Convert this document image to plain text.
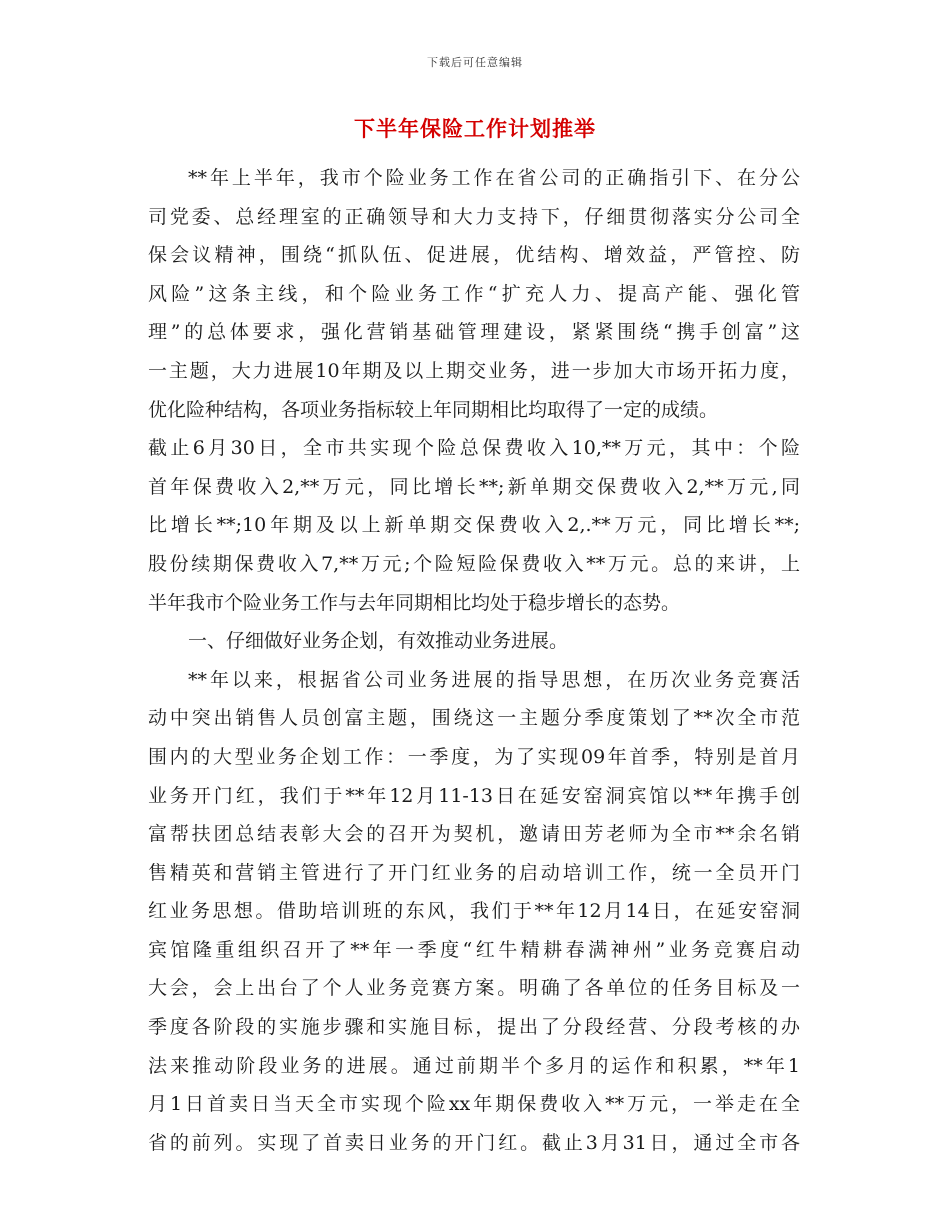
下载后可任意编辑
下半年保险工作计划推举
**年上半年，我市个险业务工作在省公司的正确指引下、在分公
司党委、总经理室的正确领导和大力支持下，仔细贯彻落实分公司全
保会议精神，围绕“抓队伍、促进展，优结构、增效益，严管控、防
风险”这条主线，和个险业务工作“扩充人力、提高产能、强化管
理”的总体要求，强化营销基础管理建设，紧紧围绕“携手创富”这
一主题，大力进展10年期及以上期交业务，进一步加大市场开拓力度，
优化险种结构，各项业务指标较上年同期相比均取得了一定的成绩。
截止6月30日，全市共实现个险总保费收入10,**万元，其中：个险
首年保费收入2,**万元，同比增长**;新单期交保费收入2,**万元,同
比增长**;10年期及以上新单期交保费收入2,.**万元，同比增长**;
股份续期保费收入7,**万元;个险短险保费收入**万元。总的来讲，上
半年我市个险业务工作与去年同期相比均处于稳步增长的态势。
一、仔细做好业务企划，有效推动业务进展。
**年以来，根据省公司业务进展的指导思想，在历次业务竞赛活
动中突出销售人员创富主题，围绕这一主题分季度策划了**次全市范
围内的大型业务企划工作：一季度，为了实现09年首季，特别是首月
业务开门红，我们于**年12月11-13日在延安窑洞宾馆以**年携手创
富帮扶团总结表彰大会的召开为契机，邀请田芳老师为全市**余名销
售精英和营销主管进行了开门红业务的启动培训工作，统一全员开门
红业务思想。借助培训班的东风，我们于**年12月14日，在延安窑洞
宾馆隆重组织召开了**年一季度“红牛精耕春满神州”业务竞赛启动
大会，会上出台了个人业务竞赛方案。明确了各单位的任务目标及一
季度各阶段的实施步骤和实施目标，提出了分段经营、分段考核的办
法来推动阶段业务的进展。通过前期半个多月的运作和积累，**年1
月1日首卖日当天全市实现个险xx年期保费收入**万元，一举走在全
省的前列。实现了首卖日业务的开门红。截止3月31日，通过全市各
